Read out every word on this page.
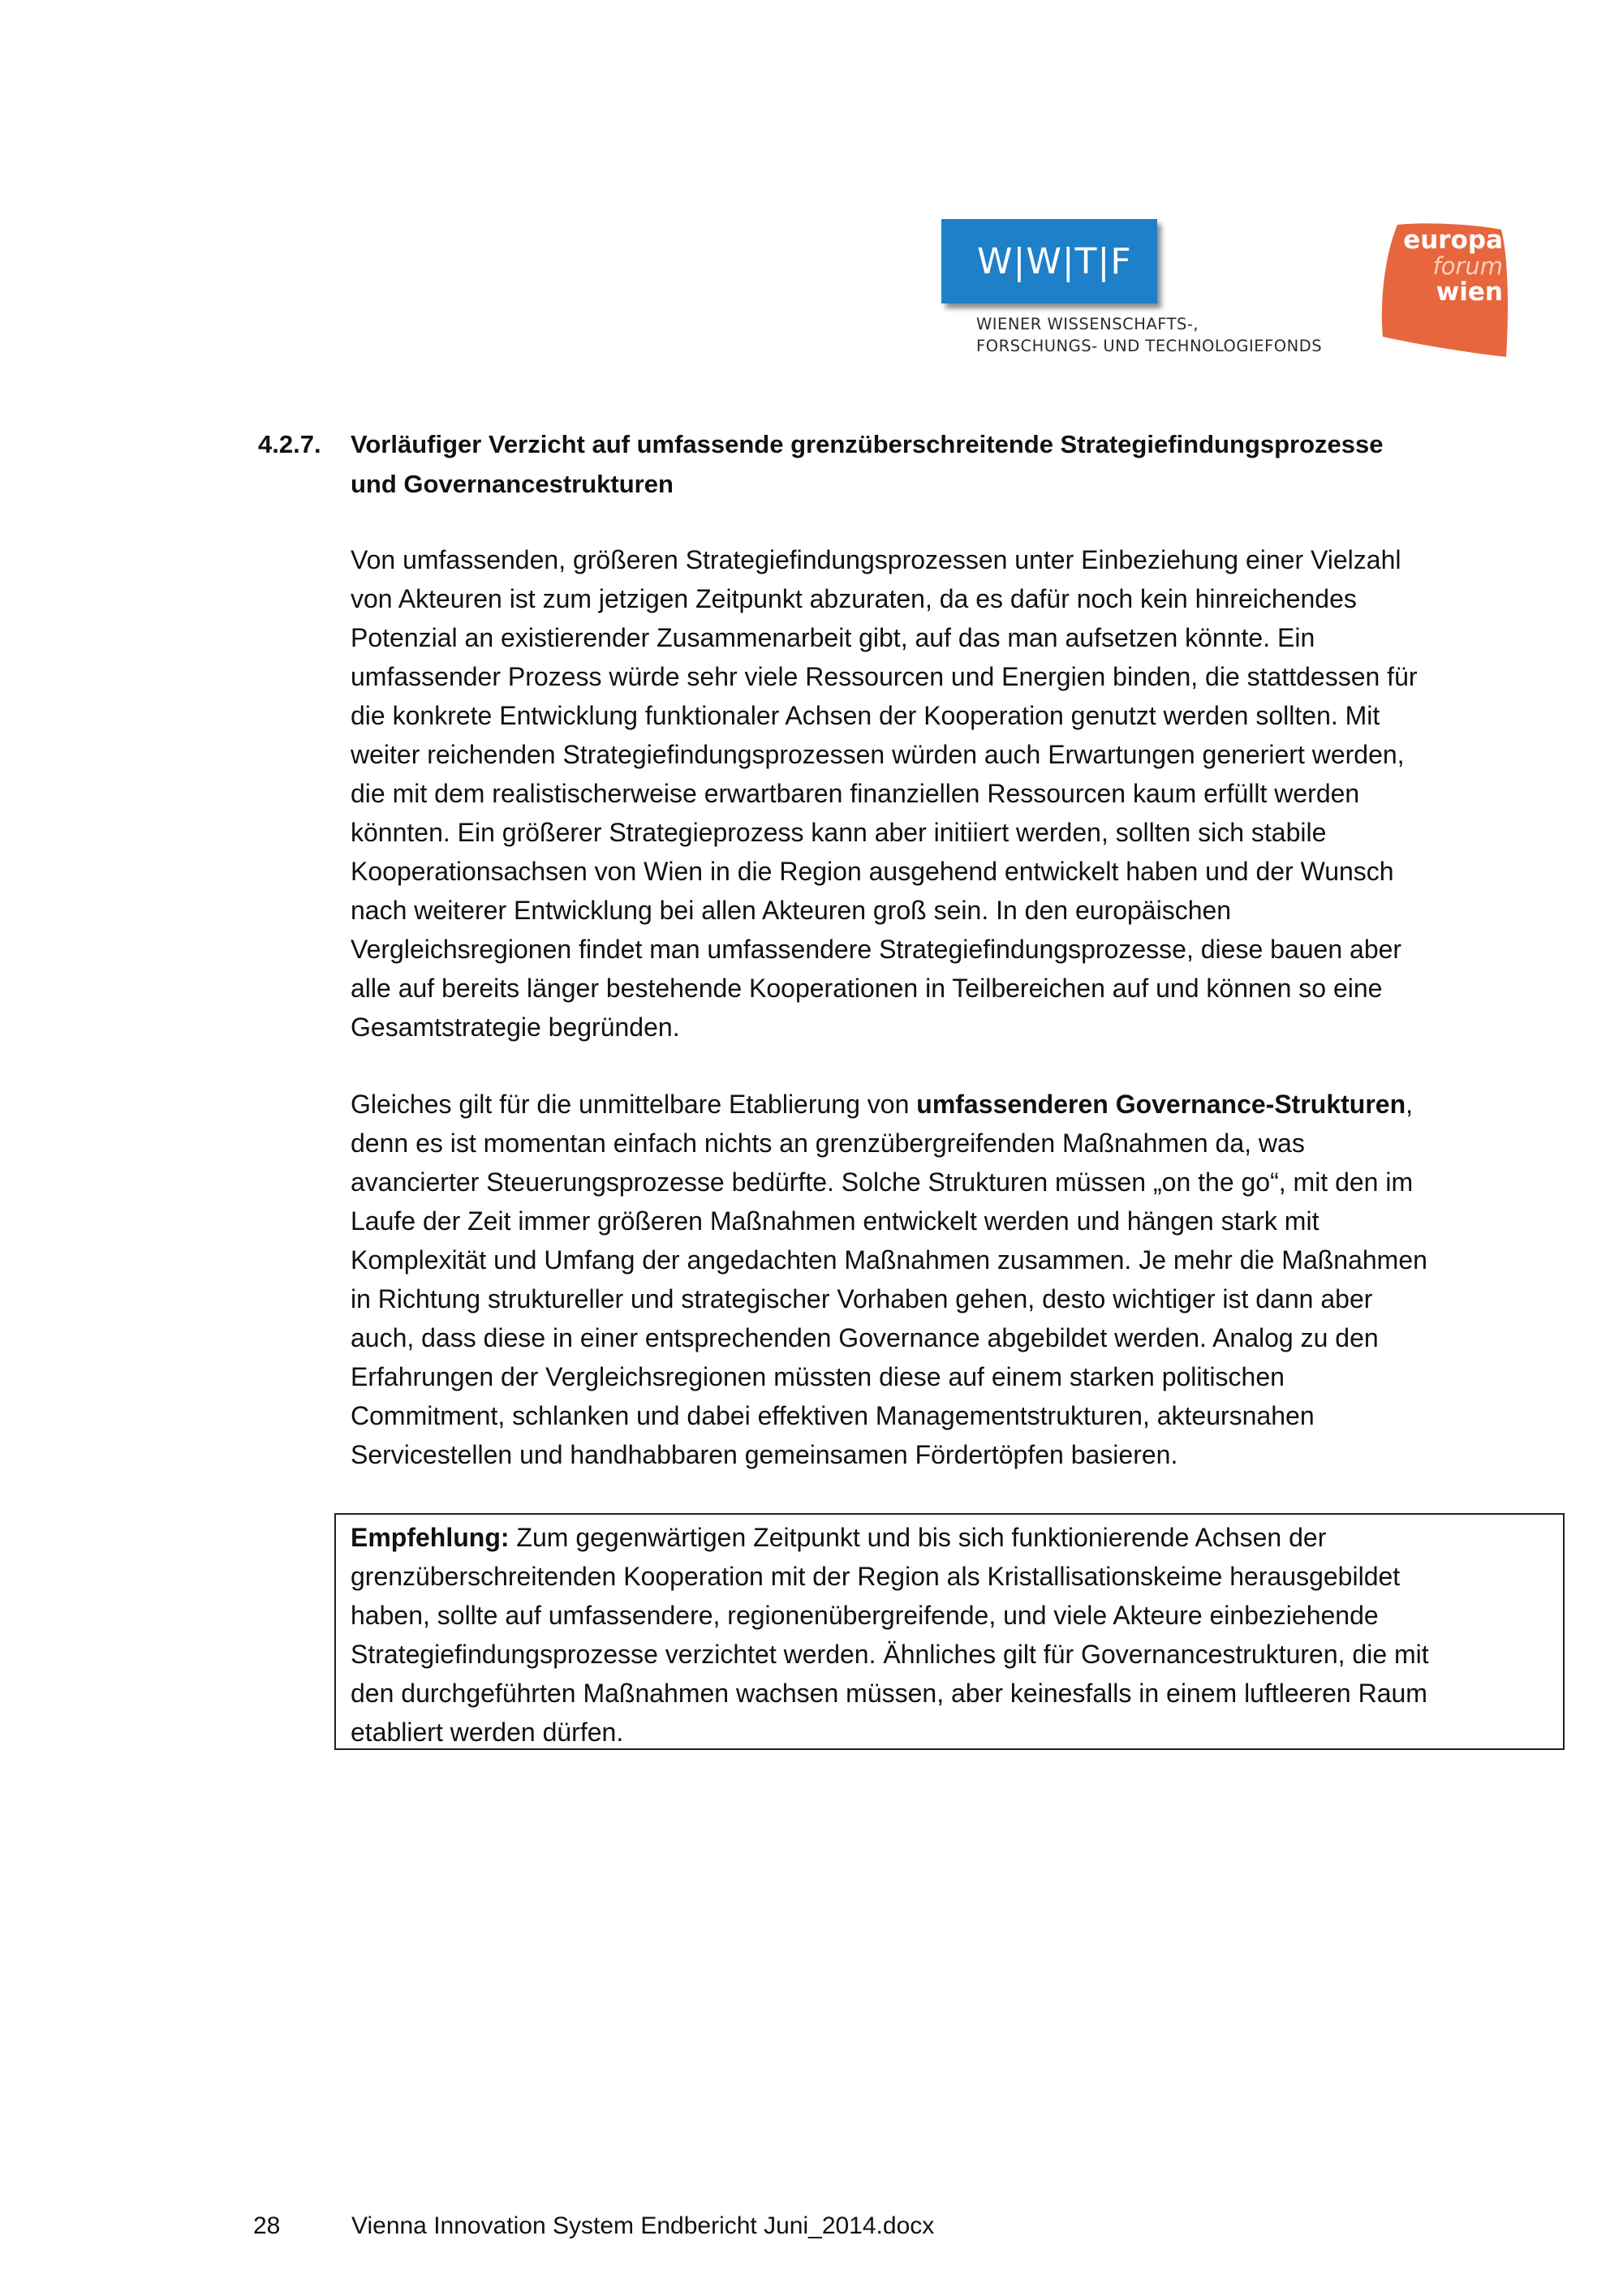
W|W|T|F
WIENER WISSENSCHAFTS-,
FORSCHUNGS- UND TECHNOLOGIEFONDS
europa
forum
wien
4.2.7. Vorläufiger Verzicht auf umfassende grenzüberschreitende Strategiefindungsprozesse
und Governancestrukturen
Von umfassenden, größeren Strategiefindungsprozessen unter Einbeziehung einer Vielzahl
von Akteuren ist zum jetzigen Zeitpunkt abzuraten, da es dafür noch kein hinreichendes
Potenzial an existierender Zusammenarbeit gibt, auf das man aufsetzen könnte. Ein
umfassender Prozess würde sehr viele Ressourcen und Energien binden, die stattdessen für
die konkrete Entwicklung funktionaler Achsen der Kooperation genutzt werden sollten. Mit
weiter reichenden Strategiefindungsprozessen würden auch Erwartungen generiert werden,
die mit dem realistischerweise erwartbaren finanziellen Ressourcen kaum erfüllt werden
könnten. Ein größerer Strategieprozess kann aber initiiert werden, sollten sich stabile
Kooperationsachsen von Wien in die Region ausgehend entwickelt haben und der Wunsch
nach weiterer Entwicklung bei allen Akteuren groß sein. In den europäischen
Vergleichsregionen findet man umfassendere Strategiefindungsprozesse, diese bauen aber
alle auf bereits länger bestehende Kooperationen in Teilbereichen auf und können so eine
Gesamtstrategie begründen.
Gleiches gilt für die unmittelbare Etablierung von umfassenderen Governance-Strukturen,
denn es ist momentan einfach nichts an grenzübergreifenden Maßnahmen da, was
avancierter Steuerungsprozesse bedürfte. Solche Strukturen müssen „on the go“, mit den im
Laufe der Zeit immer größeren Maßnahmen entwickelt werden und hängen stark mit
Komplexität und Umfang der angedachten Maßnahmen zusammen. Je mehr die Maßnahmen
in Richtung struktureller und strategischer Vorhaben gehen, desto wichtiger ist dann aber
auch, dass diese in einer entsprechenden Governance abgebildet werden. Analog zu den
Erfahrungen der Vergleichsregionen müssten diese auf einem starken politischen
Commitment, schlanken und dabei effektiven Managementstrukturen, akteursnahen
Servicestellen und handhabbaren gemeinsamen Fördertöpfen basieren.
Empfehlung: Zum gegenwärtigen Zeitpunkt und bis sich funktionierende Achsen der
grenzüberschreitenden Kooperation mit der Region als Kristallisationskeime herausgebildet
haben, sollte auf umfassendere, regionenübergreifende, und viele Akteure einbeziehende
Strategiefindungsprozesse verzichtet werden. Ähnliches gilt für Governancestrukturen, die mit
den durchgeführten Maßnahmen wachsen müssen, aber keinesfalls in einem luftleeren Raum
etabliert werden dürfen.
28	Vienna Innovation System Endbericht Juni_2014.docx
